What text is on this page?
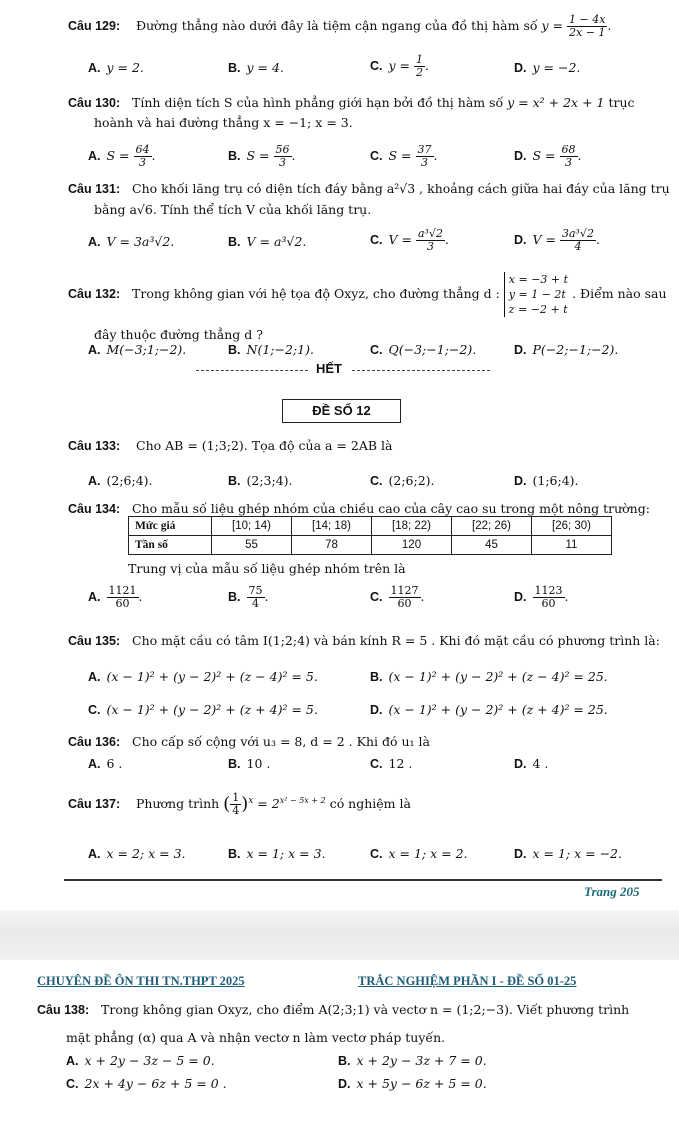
Câu 129: Đường thẳng nào dưới đây là tiệm cận ngang của đồ thị hàm số $y = \frac{1 - 4x}{2x - 1}$ .
A. y = 2.	B. y = 4.	C. $y = \frac{1}{2}$ .	D. y = −2.
Câu 130: Tính diện tích S của hình phẳng giới hạn bởi đồ thị hàm số y = x² + 2x + 1 trục
hoành và hai đường thẳng x = −1; x = 3.
A. $S = \frac{64}{3}$ .	B. $S = \frac{56}{3}$ .	C. $S = \frac{37}{3}$ .	D. $S = \frac{68}{3}$ .
Câu 131: Cho khối lăng trụ có diện tích đáy bằng a²√3 , khoảng cách giữa hai đáy của lăng trụ
bằng a√6. Tính thể tích V của khối lăng trụ.
A. V = 3a³√2.	B. V = a³√2.	C. $V = \frac{\text{a³√2}}{3}$ .	D. $V = \frac{\text{3a³√2}}{4}$ .
Câu 132: Trong không gian với hệ tọa độ Oxyz, cho đường thẳng d : x = −3 + t
y = 1 − 2t
z = −2 + t . Điểm nào sau
đây thuộc đường thẳng d ?
A. M(−3;1;−2).	B. N(1;−2;1).	C. Q(−3;−1;−2).	D. P(−2;−1;−2).
HẾT
ĐỀ SỐ 12
Câu 133: Cho AB = (1;3;2). Tọa độ của a = 2AB là
A. (2;6;4).	B. (2;3;4).	C. (2;6;2).	D. (1;6;4).
Câu 134: Cho mẫu số liệu ghép nhóm của chiều cao của cây cao su trong một nông trường:
Mức giá	[10; 14)	[14; 18)	[18; 22)	[22; 26)	[26; 30)
Tần số	55	78	120	45	11
Trung vị của mẫu số liệu ghép nhóm trên là
A. $\frac{1121}{60}$ .	B. $\frac{75}{4}$ .	C. $\frac{1127}{60}$ .	D. $\frac{1123}{60}$ .
Câu 135: Cho mặt cầu có tâm I(1;2;4) và bán kính R = 5 . Khi đó mặt cầu có phương trình là:
A. (x − 1)² + (y − 2)² + (z − 4)² = 5.	B. (x − 1)² + (y − 2)² + (z − 4)² = 25.
C. (x − 1)² + (y − 2)² + (z + 4)² = 5.	D. (x − 1)² + (y − 2)² + (z + 4)² = 25.
Câu 136: Cho cấp số cộng với u₃ = 8, d = 2 . Khi đó u₁ là
A. 6 .	B. 10 .	C. 12 .	D. 4 .
Câu 137: Phương trình ( $\frac{1}{4} )^x = 2^{x^2 - 5x + 2}$ có nghiệm là
A. x = 2; x = 3.	B. x = 1; x = 3.	C. x = 1; x = 2.	D. x = 1; x = −2.
Trang 205
CHUYÊN ĐỀ ÔN THI TN.THPT 2025	TRẮC NGHIỆM PHẦN I - ĐỀ SỐ 01-25
Câu 138: Trong không gian Oxyz, cho điểm A(2;3;1) và vectơ n = (1;2;−3). Viết phương trình
mặt phẳng (α) qua A và nhận vectơ n làm vectơ pháp tuyến.
A. x + 2y − 3z − 5 = 0.	B. x + 2y − 3z + 7 = 0.
C. 2x + 4y − 6z + 5 = 0 .	D. x + 5y − 6z + 5 = 0.
